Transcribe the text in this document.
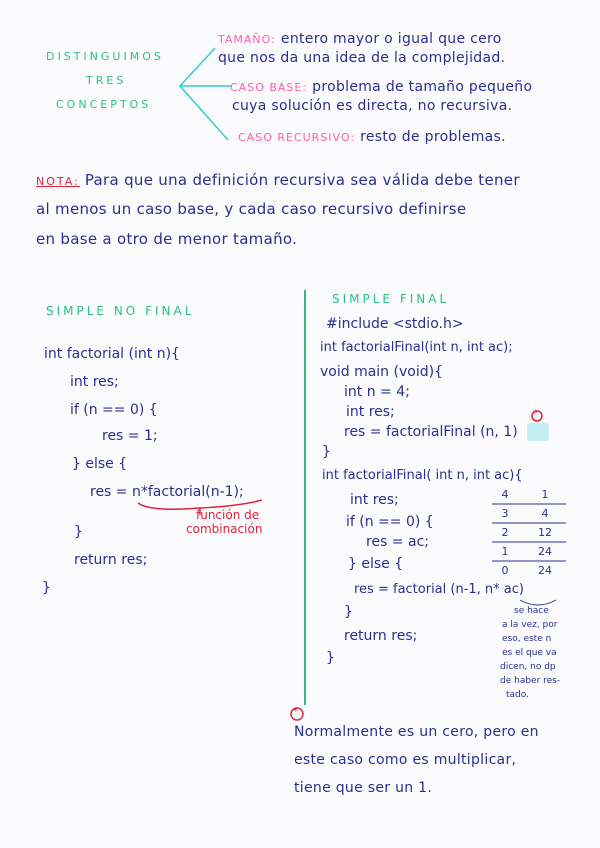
DISTINGUIMOS
TRES
CONCEPTOS
TAMAÑO: entero mayor o igual que cero
que nos da una idea de la complejidad.
CASO BASE: problema de tamaño pequeño
cuya solución es directa, no recursiva.
CASO RECURSIVO: resto de problemas.
NOTA: Para que una definición recursiva sea válida debe tener
al menos un caso base, y cada caso recursivo definirse
en base a otro de menor tamaño.
SIMPLE NO FINAL
int factorial (int n){
int res;
if (n == 0) {
res = 1;
} else {
res = n*factorial(n-1);
}
return res;
}
función de
combinación
SIMPLE FINAL
#include <stdio.h>
int factorialFinal(int n, int ac);
void main (void){
int n = 4;
int res;
res = factorialFinal (n, 1)
}
int factorialFinal( int n, int ac){
int res;
if (n == 0) {
res = ac;
} else {
res = factorial (n-1, n* ac)
}
return res;
}
*
4	1
3	4
2	12
1	24
0	24
se hace
a la vez, por
eso, este n
es el que va
dicen, no dp
de haber res-
tado.
*
Normalmente es un cero, pero en
este caso como es multiplicar,
tiene que ser un 1.
